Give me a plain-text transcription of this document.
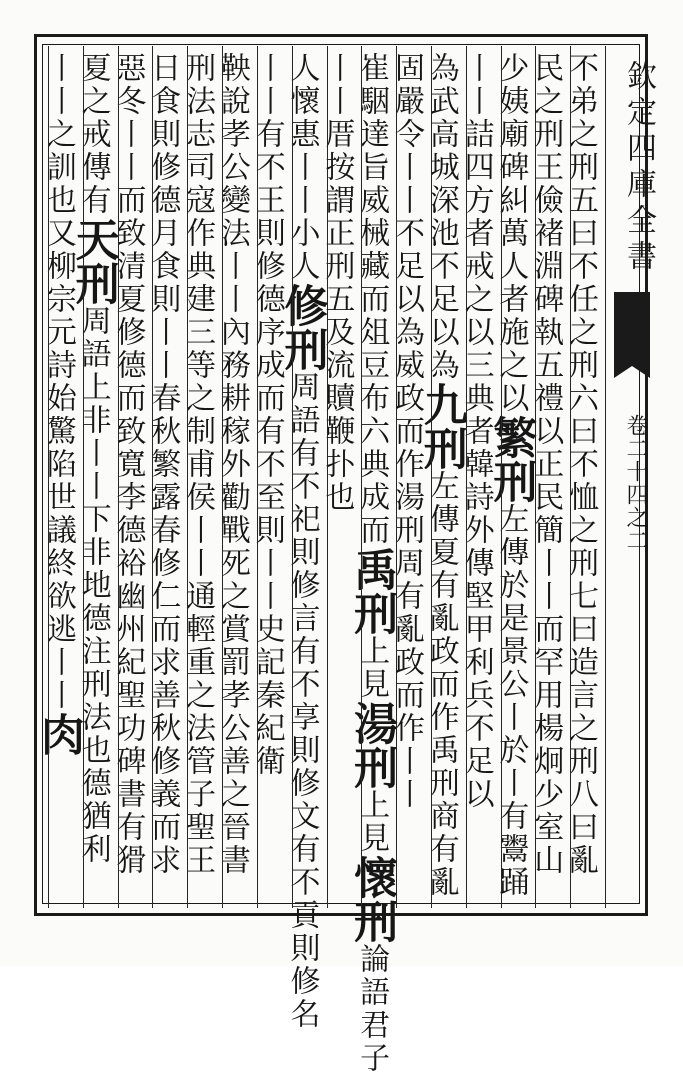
欽定四庫全書
卷二十四之二
不弟之刑五曰不任之刑六曰不恤之刑七曰造言之刑八曰亂
民之刑王儉褚淵碑執五禮以正民簡丨丨而罕用楊炯少室山
少姨廟碑糾萬人者施之以繁刑左傳於是景公丨於丨有鬻踊
丨丨詰四方者戒之以三典者韓詩外傳堅甲利兵不足以
為武高城深池不足以為九刑左傳夏有亂政而作禹刑商有亂
固嚴令丨丨不足以為威政而作湯刑周有亂政而作丨丨
崔駰達旨威械藏而俎豆布六典成而禹刑上見湯刑上見懷刑論語君子
丨丨厝按謂正刑五及流贖鞭扑也
人懷惠丨丨小人修刑周語有不祀則修言有不享則修文有不貢則修名
丨丨有不王則修德序成而有不至則丨丨史記秦紀衛
鞅說孝公變法丨丨內務耕稼外勸戰死之賞罰孝公善之晉書
刑法志司寇作典建三等之制甫侯丨丨通輕重之法管子聖王
日食則修德月食則丨丨春秋繁露春修仁而求善秋修義而求
惡冬丨丨而致清夏修德而致寬李德裕幽州紀聖功碑書有猾
夏之戒傳有天刑周語上非丨丨下非地德注刑法也德猶利
丨丨之訓也又柳宗元詩始驚陷世議終欲逃丨丨肉
